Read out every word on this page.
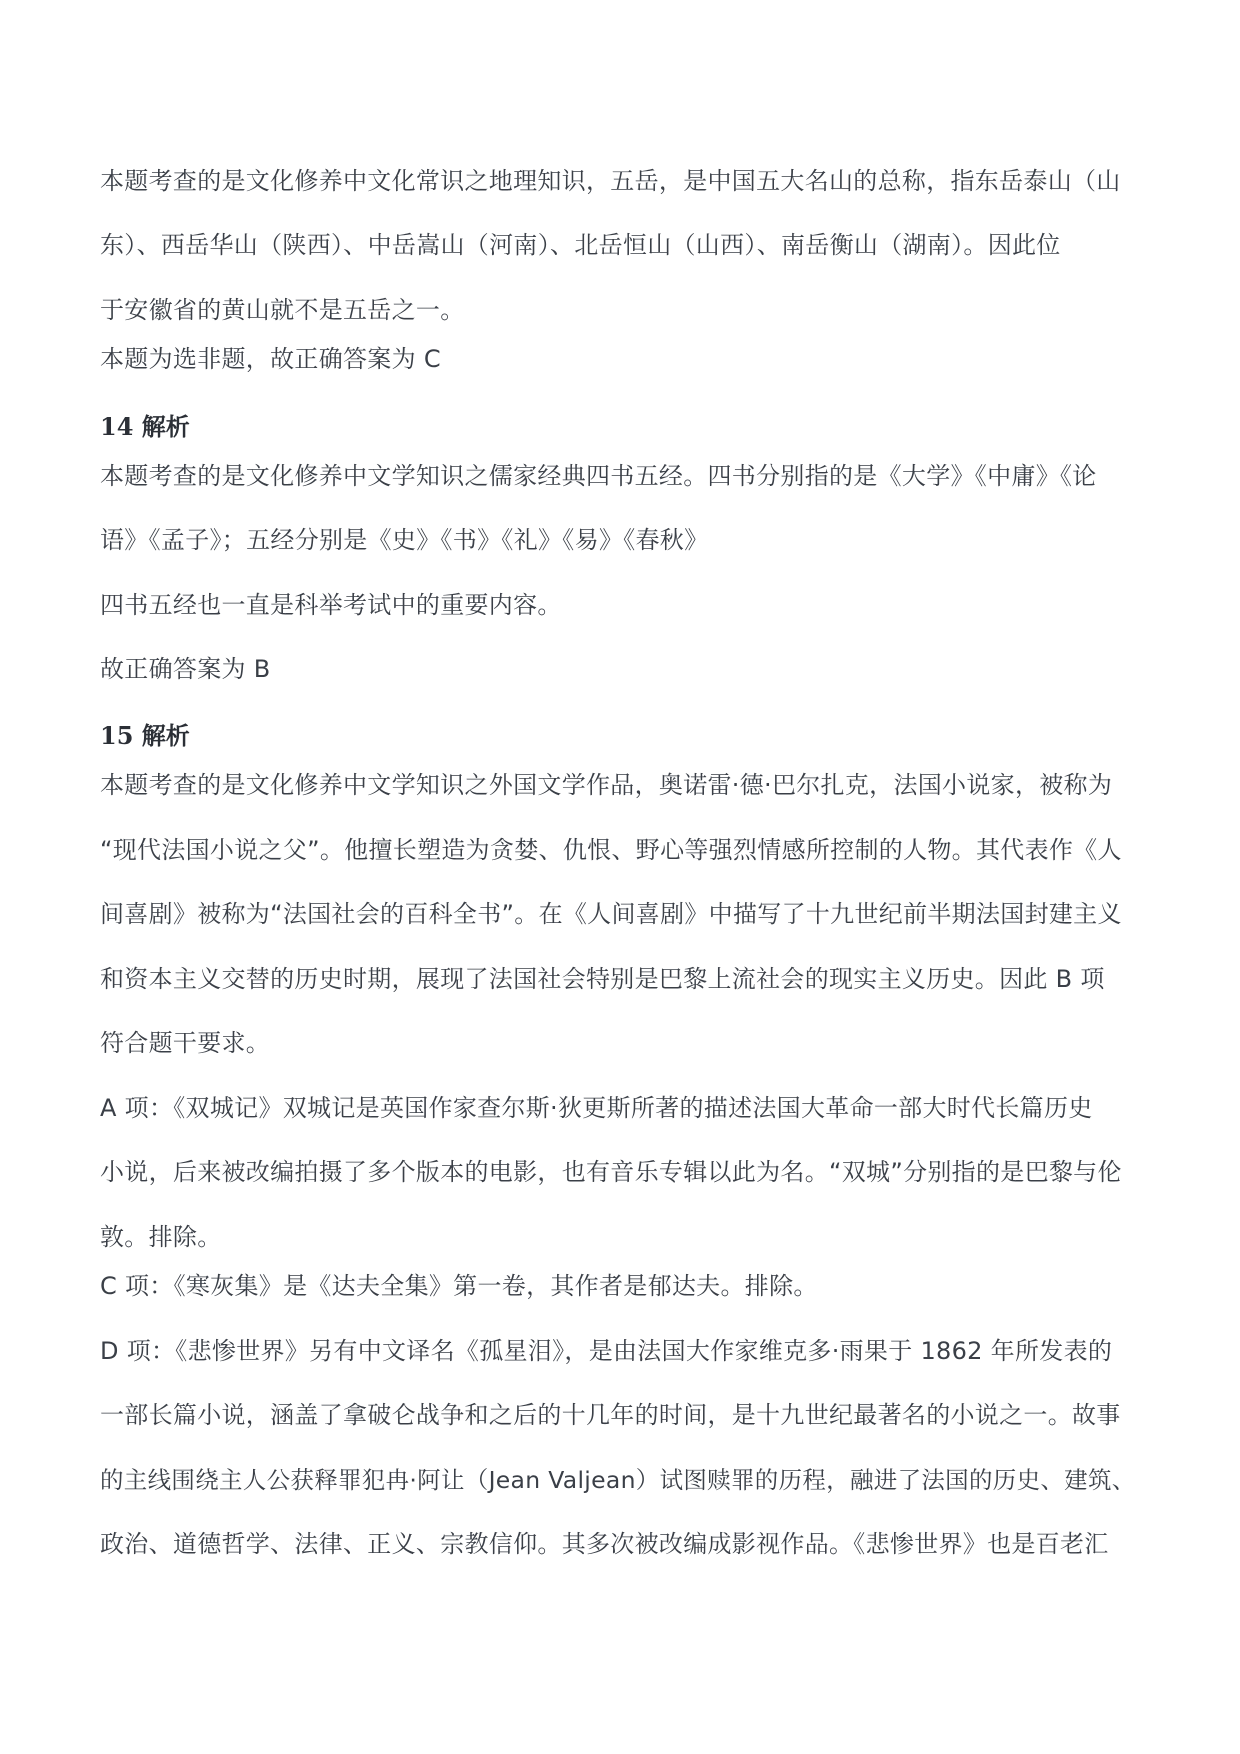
本题考查的是文化修养中文化常识之地理知识，五岳，是中国五大名山的总称，指东岳泰山（山
东）、西岳华山（陕西）、中岳嵩山（河南）、北岳恒山（山西）、南岳衡山（湖南）。因此位
于安徽省的黄山就不是五岳之一。
本题为选非题，故正确答案为 C
14 解析
本题考查的是文化修养中文学知识之儒家经典四书五经。四书分别指的是《大学》《中庸》《论
语》《孟子》；五经分别是《史》《书》《礼》《易》《春秋》
四书五经也一直是科举考试中的重要内容。
故正确答案为 B
15 解析
本题考查的是文化修养中文学知识之外国文学作品，奥诺雷·德·巴尔扎克，法国小说家，被称为
“现代法国小说之父”。他擅长塑造为贪婪、仇恨、野心等强烈情感所控制的人物。其代表作《人
间喜剧》被称为“法国社会的百科全书”。在《人间喜剧》中描写了十九世纪前半期法国封建主义
和资本主义交替的历史时期，展现了法国社会特别是巴黎上流社会的现实主义历史。因此 B 项
符合题干要求。
A 项：《双城记》双城记是英国作家查尔斯·狄更斯所著的描述法国大革命一部大时代长篇历史
小说，后来被改编拍摄了多个版本的电影，也有音乐专辑以此为名。“双城”分别指的是巴黎与伦
敦。排除。
C 项：《寒灰集》是《达夫全集》第一卷，其作者是郁达夫。排除。
D 项：《悲惨世界》另有中文译名《孤星泪》，是由法国大作家维克多·雨果于 1862 年所发表的
一部长篇小说，涵盖了拿破仑战争和之后的十几年的时间，是十九世纪最著名的小说之一。故事
的主线围绕主人公获释罪犯冉·阿让（Jean Valjean）试图赎罪的历程，融进了法国的历史、建筑、
政治、道德哲学、法律、正义、宗教信仰。其多次被改编成影视作品。《悲惨世界》也是百老汇
